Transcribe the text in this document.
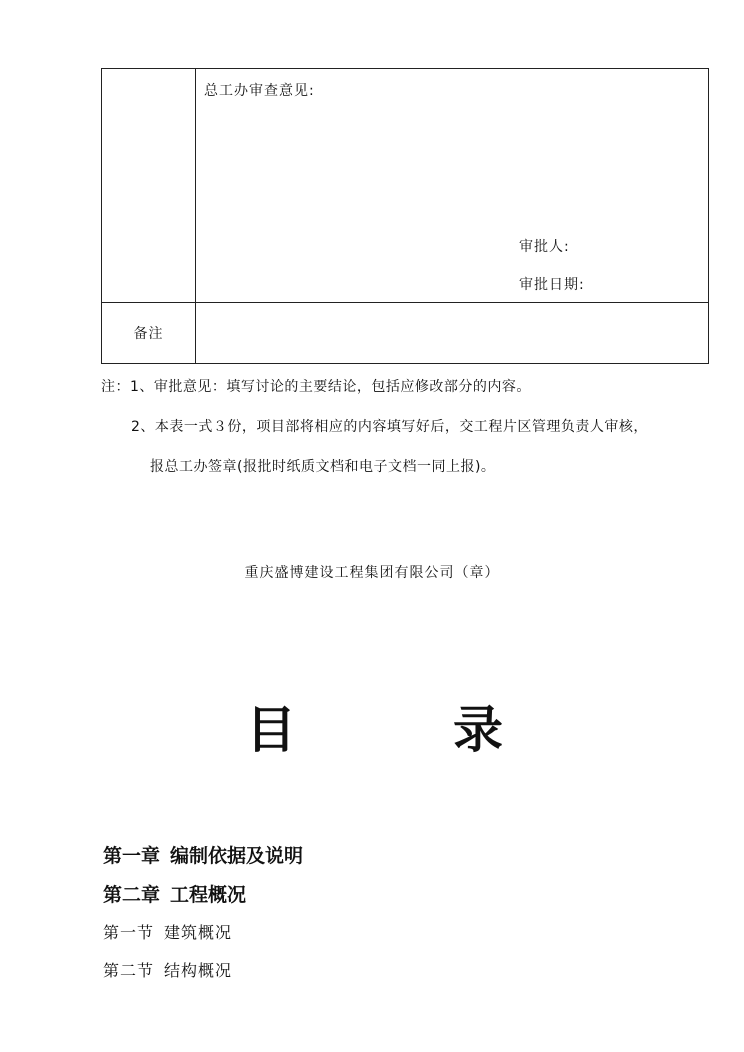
	总工办审查意见:
审批人:
审批日期:

备注	
注：1、审批意见：填写讨论的主要结论，包括应修改部分的内容。
2、本表一式３份，项目部将相应的内容填写好后，交工程片区管理负责人审核，
报总工办签章(报批时纸质文档和电子文档一同上报)。
重庆盛博建设工程集团有限公司（章）
目	录
第一章 编制依据及说明
第二章 工程概况
第一节 建筑概况
第二节 结构概况
